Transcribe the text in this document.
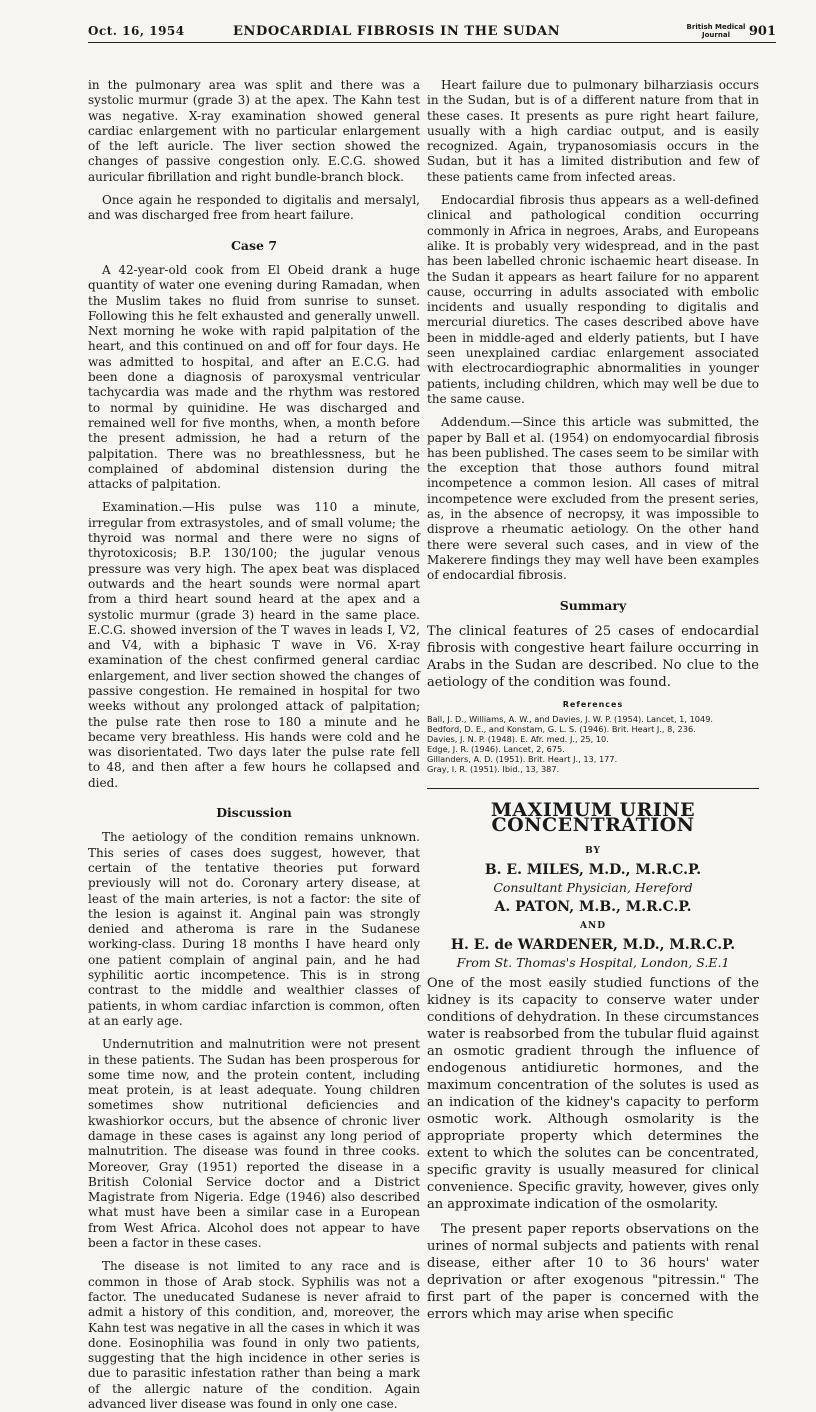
Oct. 16, 1954	ENDOCARDIAL FIBROSIS IN THE SUDAN	British Medical Journal	901

in the pulmonary area was split and there was a systolic murmur (grade 3) at the apex. The Kahn test was negative. X-ray examination showed general cardiac enlargement with no particular enlargement of the left auricle. The liver section showed the changes of passive congestion only. E.C.G. showed auricular fibrillation and right bundle-branch block.

Once again he responded to digitalis and mersalyl, and was discharged free from heart failure.

Case 7

A 42-year-old cook from El Obeid drank a huge quantity of water one evening during Ramadan, when the Muslim takes no fluid from sunrise to sunset. Following this he felt exhausted and generally unwell. Next morning he woke with rapid palpitation of the heart, and this continued on and off for four days. He was admitted to hospital, and after an E.C.G. had been done a diagnosis of paroxysmal ventricular tachycardia was made and the rhythm was restored to normal by quinidine. He was discharged and remained well for five months, when, a month before the present admission, he had a return of the palpitation. There was no breathlessness, but he complained of abdominal distension during the attacks of palpitation.

Examination.—His pulse was 110 a minute, irregular from extrasystoles, and of small volume; the thyroid was normal and there were no signs of thyrotoxicosis; B.P. 130/100; the jugular venous pressure was very high. The apex beat was displaced outwards and the heart sounds were normal apart from a third heart sound heard at the apex and a systolic murmur (grade 3) heard in the same place. E.C.G. showed inversion of the T waves in leads I, V2, and V4, with a biphasic T wave in V6. X-ray examination of the chest confirmed general cardiac enlargement, and liver section showed the changes of passive congestion. He remained in hospital for two weeks without any prolonged attack of palpitation; the pulse rate then rose to 180 a minute and he became very breathless. His hands were cold and he was disorientated. Two days later the pulse rate fell to 48, and then after a few hours he collapsed and died.

Discussion

The aetiology of the condition remains unknown. This series of cases does suggest, however, that certain of the tentative theories put forward previously will not do. Coronary artery disease, at least of the main arteries, is not a factor: the site of the lesion is against it. Anginal pain was strongly denied and atheroma is rare in the Sudanese working-class. During 18 months I have heard only one patient complain of anginal pain, and he had syphilitic aortic incompetence. This is in strong contrast to the middle and wealthier classes of patients, in whom cardiac infarction is common, often at an early age.

Undernutrition and malnutrition were not present in these patients. The Sudan has been prosperous for some time now, and the protein content, including meat protein, is at least adequate. Young children sometimes show nutritional deficiencies and kwashiorkor occurs, but the absence of chronic liver damage in these cases is against any long period of malnutrition. The disease was found in three cooks. Moreover, Gray (1951) reported the disease in a British Colonial Service doctor and a District Magistrate from Nigeria. Edge (1946) also described what must have been a similar case in a European from West Africa. Alcohol does not appear to have been a factor in these cases.

The disease is not limited to any race and is common in those of Arab stock. Syphilis was not a factor. The uneducated Sudanese is never afraid to admit a history of this condition, and, moreover, the Kahn test was negative in all the cases in which it was done. Eosinophilia was found in only two patients, suggesting that the high incidence in other series is due to parasitic infestation rather than being a mark of the allergic nature of the condition. Again advanced liver disease was found in only one case.

Heart failure due to pulmonary bilharziasis occurs in the Sudan, but is of a different nature from that in these cases. It presents as pure right heart failure, usually with a high cardiac output, and is easily recognized. Again, trypanosomiasis occurs in the Sudan, but it has a limited distribution and few of these patients came from infected areas.

Endocardial fibrosis thus appears as a well-defined clinical and pathological condition occurring commonly in Africa in negroes, Arabs, and Europeans alike. It is probably very widespread, and in the past has been labelled chronic ischaemic heart disease. In the Sudan it appears as heart failure for no apparent cause, occurring in adults associated with embolic incidents and usually responding to digitalis and mercurial diuretics. The cases described above have been in middle-aged and elderly patients, but I have seen unexplained cardiac enlargement associated with electrocardiographic abnormalities in younger patients, including children, which may well be due to the same cause.

Addendum.—Since this article was submitted, the paper by Ball et al. (1954) on endomyocardial fibrosis has been published. The cases seem to be similar with the exception that those authors found mitral incompetence a common lesion. All cases of mitral incompetence were excluded from the present series, as, in the absence of necropsy, it was impossible to disprove a rheumatic aetiology. On the other hand there were several such cases, and in view of the Makerere findings they may well have been examples of endocardial fibrosis.

Summary

The clinical features of 25 cases of endocardial fibrosis with congestive heart failure occurring in Arabs in the Sudan are described. No clue to the aetiology of the condition was found.

References

Ball, J. D., Williams, A. W., and Davies, J. W. P. (1954). Lancet, 1, 1049.

Bedford, D. E., and Konstam, G. L. S. (1946). Brit. Heart J., 8, 236.

Davies, J. N. P. (1948). E. Afr. med. J., 25, 10.

Edge, J. R. (1946). Lancet, 2, 675.

Gillanders, A. D. (1951). Brit. Heart J., 13, 177.

Gray, I. R. (1951). Ibid., 13, 387.

MAXIMUM URINE CONCENTRATION
BY
B. E. MILES, M.D., M.R.C.P.
Consultant Physician, Hereford
A. PATON, M.B., M.R.C.P.
AND
H. E. de WARDENER, M.D., M.R.C.P.
From St. Thomas's Hospital, London, S.E.1

One of the most easily studied functions of the kidney is its capacity to conserve water under conditions of dehydration. In these circumstances water is reabsorbed from the tubular fluid against an osmotic gradient through the influence of endogenous antidiuretic hormones, and the maximum concentration of the solutes is used as an indication of the kidney's capacity to perform osmotic work. Although osmolarity is the appropriate property which determines the extent to which the solutes can be concentrated, specific gravity is usually measured for clinical convenience. Specific gravity, however, gives only an approximate indication of the osmolarity.

The present paper reports observations on the urines of normal subjects and patients with renal disease, either after 10 to 36 hours' water deprivation or after exogenous "pitressin." The first part of the paper is concerned with the errors which may arise when specific
